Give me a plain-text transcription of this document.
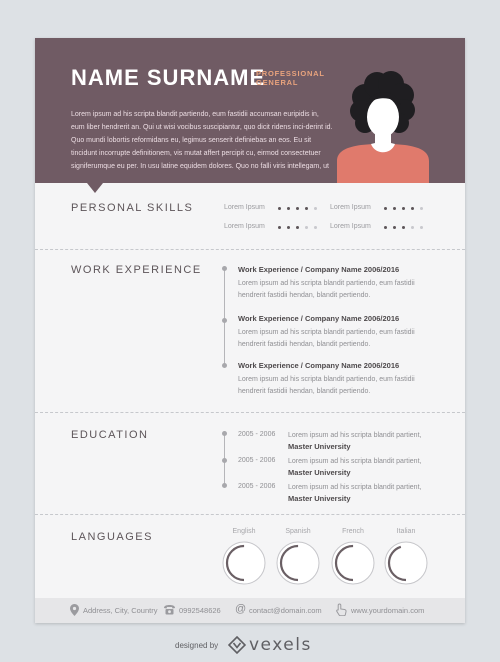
NAME SURNAME
PROFESSIONAL
GENERAL

Lorem ipsum ad his scripta blandit partiendo, eum fastidii accumsan euripidis in, eum liber hendrerit an. Qui ut wisi vocibus suscipiantur, quo dicit ridens inci-derint id. Quo mundi lobortis reformidans eu, legimus senserit definiebas an eos. Eu sit tincidunt incorrupte definitionem, vis mutat affert percipit cu, eirmod consectetuer signiferumque eu per. In usu latine equidem dolores. Quo no falli viris intellegam, ut

PERSONAL SKILLS	Lorem Ipsum	Lorem Ipsum
Lorem Ipsum	Lorem Ipsum
WORK EXPERIENCE	Work Experience / Company Name 2006/2016
Lorem ipsum ad his scripta blandit partiendo, eum fastidii hendrerit fastidii hendan, blandit pertiendo.
Work Experience / Company Name 2006/2016
Lorem ipsum ad his scripta blandit partiendo, eum fastidii hendrerit fastidii hendan, blandit pertiendo.
Work Experience / Company Name 2006/2016
Lorem ipsum ad his scripta blandit partiendo, eum fastidii hendrerit fastidii hendan, blandit pertiendo.
EDUCATION	2005 - 2006 Lorem ipsum ad his scripta blandit partient,
Master University
2005 - 2006 Lorem ipsum ad his scripta blandit partient,
Master University
2005 - 2006 Lorem ipsum ad his scripta blandit partient,
Master University
LANGUAGES	English	Spanish	French	Italian
Address, City, Country	0992548626 @ contact@domain.com	www.yourdomain.com
designed by vexels
